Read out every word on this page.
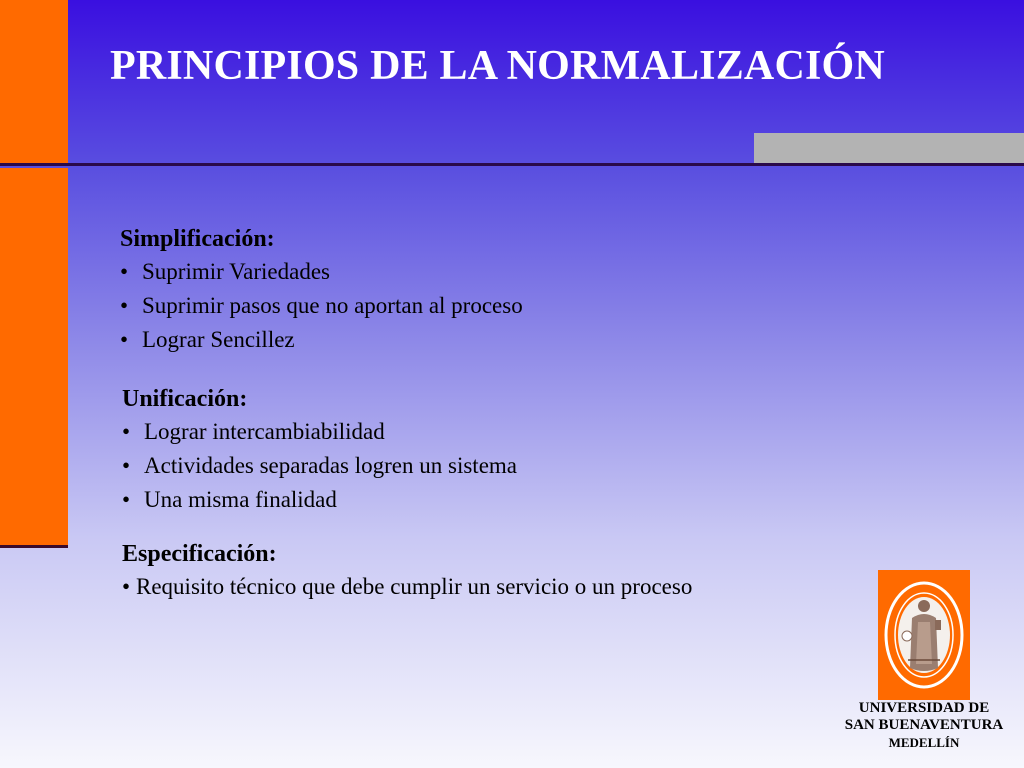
PRINCIPIOS DE LA NORMALIZACIÓN
Simplificación:
• Suprimir Variedades
• Suprimir pasos que no aportan al proceso
• Lograr Sencillez
Unificación:
• Lograr intercambiabilidad
• Actividades separadas logren un sistema
• Una misma finalidad
Especificación:
• Requisito técnico que debe cumplir un servicio o un proceso
UNIVERSIDAD DE
SAN BUENAVENTURA
MEDELLÍN
